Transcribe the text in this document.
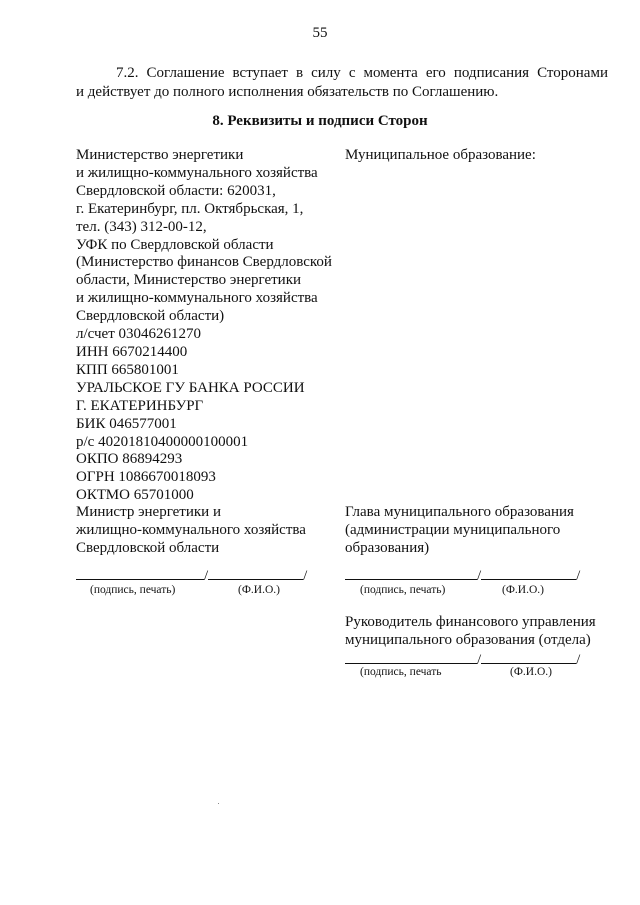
55
7.2. Соглашение вступает в силу с момента его подписания Сторонами
и действует до полного исполнения обязательств по Соглашению.
8. Реквизиты и подписи Сторон
Министерство энергетики
и жилищно-коммунального хозяйства
Свердловской области: 620031,
г. Екатеринбург, пл. Октябрьская, 1,
тел. (343) 312-00-12,
УФК по Свердловской области
(Министерство финансов Свердловской
области, Министерство энергетики
и жилищно-коммунального хозяйства
Свердловской области)
л/счет 03046261270
ИНН 6670214400
КПП 665801001
УРАЛЬСКОЕ ГУ БАНКА РОССИИ
Г. ЕКАТЕРИНБУРГ
БИК 046577001
р/с 40201810400000100001
ОКПО 86894293
ОГРН 1086670018093
ОКТМО 65701000
Муниципальное образование:
Министр энергетики и
жилищно-коммунального хозяйства
Свердловской области
/	/
(подпись, печать)	(Ф.И.О.)
Глава муниципального образования
(администрации муниципального
образования)
/	/
(подпись, печать)	(Ф.И.О.)
Руководитель финансового управления
муниципального образования (отдела)
/	/
(подпись, печать	(Ф.И.О.)
